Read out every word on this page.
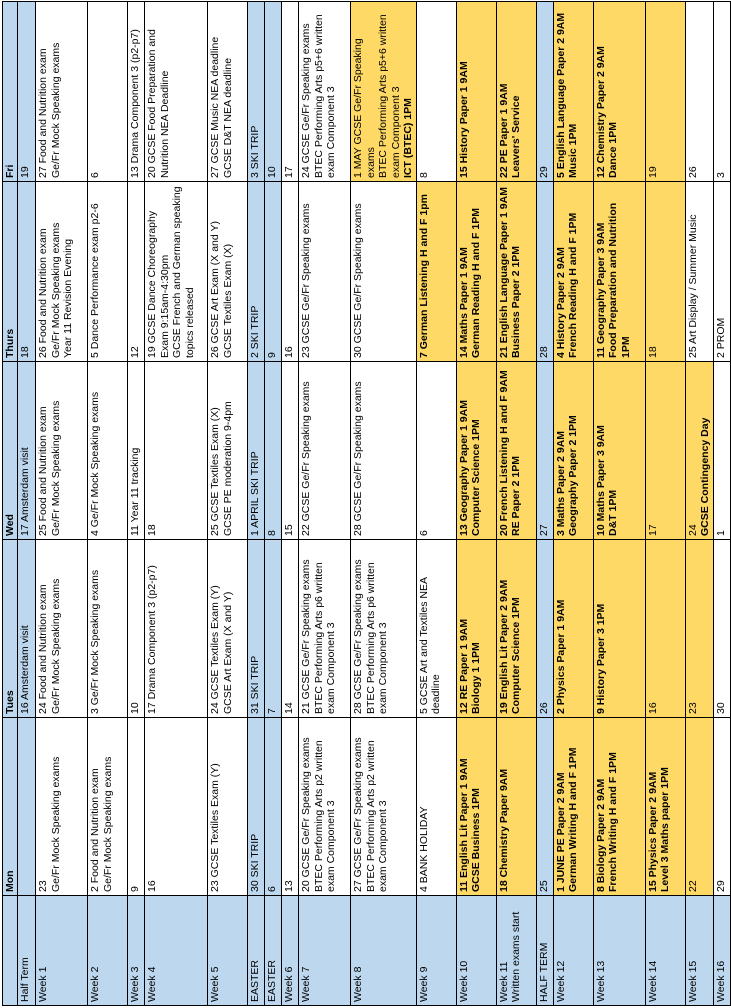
	Mon	Tues	Wed	Thurs	Fri	

Half Term		16 Amsterdam visit	17 Amsterdam visit	18	19

Week 1	23 Ge/Fr Mock Speaking exams	24 Food and Nutrition exam Ge/Fr Mock Speaking exams	25 Food and Nutrition exam Ge/Fr Mock Speaking exams	26 Food and Nutrition exam Ge/Fr Mock Speaking exams Year 11 Revision Evening	27 Food and Nutrition exam Ge/Fr Mock Speaking exams	

Week 2	2 Food and Nutrition exam Ge/Fr Mock Speaking exams	3 Ge/Fr Mock Speaking exams	4 Ge/Fr Mock Speaking exams	5 Dance Performance exam p2-6	6	

Week 3	9	10	11 Year 11 tracking	12	13 Drama Component 3 (p2-p7)	

Week 4	16	17 Drama Component 3 (p2-p7)	18	19 GCSE Dance Choreography Exam 9:15am-4:30pm GCSE French and German speaking topics released	20 GCSE Food Preparation and Nutrition NEA Deadline	

Week 5	23 GCSE Textiles Exam (Y)	24 GCSE Textiles Exam (Y) GCSE Art Exam (X and Y)	25 GCSE Textiles Exam (X) GCSE PE moderation 9-4pm	26 GCSE Art Exam (X and Y) GCSE Textiles Exam (X)	27 GCSE Music NEA deadline GCSE D&T NEA deadline	

EASTER	30 SKI TRIP	31 SKI TRIP	1 APRIL SKI TRIP	2 SKI TRIP	3 SKI TRIP	

EASTER	6	7	8	9	10	

Week 6	13	14	15	16	17	

Week 7	20 GCSE Ge/Fr Speaking exams BTEC Performing Arts p2 written exam Component 3	21 GCSE Ge/Fr Speaking exams BTEC Performing Arts p6 written exam Component 3	22 GCSE Ge/Fr Speaking exams	23 GCSE Ge/Fr Speaking exams	24 GCSE Ge/Fr Speaking exams BTEC Performing Arts p5+6 written exam Component 3	

Week 8	27 GCSE Ge/Fr Speaking exams BTEC Performing Arts p2 written exam Component 3	28 GCSE Ge/Fr Speaking exams BTEC Performing Arts p6 written exam Component 3	28 GCSE Ge/Fr Speaking exams	30 GCSE Ge/Fr Speaking exams	1 MAY GCSE Ge/Fr Speaking exams BTEC Performing Arts p5+6 written exam Component 3 ICT (BTEC) 1PM	

Week 9	4 BANK HOLIDAY	5 GCSE Art and Textiles NEA deadline	6	7 German Listening H and F 1pm	8	

Week 10	11 English Lit Paper 1 9AM GCSE Business 1PM	12 RE Paper 1 9AM Biology 1 1PM	13 Geography Paper 1 9AM Computer Science 1PM	14 Maths Paper 1 9AM German Reading H and F 1PM	15 History Paper 1 9AM	

Week 11 Written exams start	18 Chemistry Paper 9AM	19 English Lit Paper 2 9AM Computer Science 1PM	20 French Listening H and F 9AM RE Paper 2 1PM	21 English Language Paper 1 9AM Business Paper 2 1PM	22 PE Paper 1 9AM Leavers' Service	

HALF TERM	25	26	27	28	29	

Week 12	1 JUNE PE Paper 2 9AM German Writing H and F 1PM	2 Physics Paper 1 9AM	3 Maths Paper 2 9AM Geography Paper 2 1PM	4 History Paper 2 9AM French Reading H and F 1PM	5 English Language Paper 2 9AM Music 1PM	

Week 13	8 Biology Paper 2 9AM French Writing H and F 1PM	9 History Paper 3 1PM	10 Maths Paper 3 9AM D&T 1PM	11 Geography Paper 3 9AM Food Preparation and Nutrition 1PM	12 Chemistry Paper 2 9AM Dance 1PM	

Week 14	15 Physics Paper 2 9AM Level 3 Maths paper 1PM	16	17	18	19	

Week 15	22	23	24 GCSE Contingency Day	25 Art Display / Summer Music	26	

Week 16	29	30	1	2 PROM	3	
